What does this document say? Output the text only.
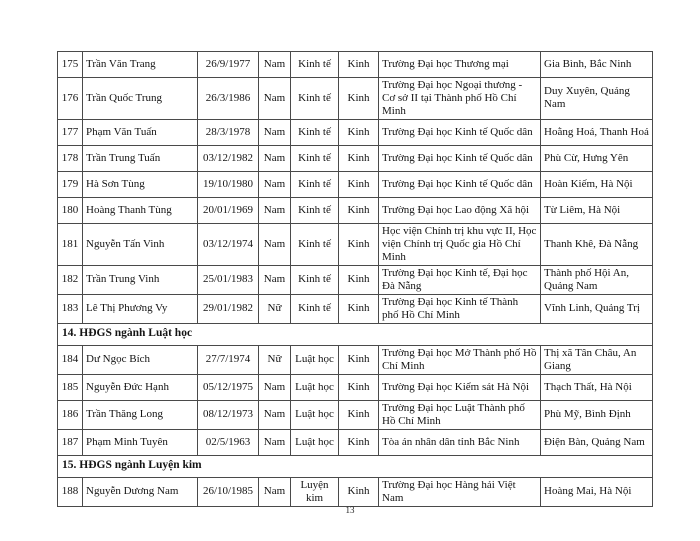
175	Trần Văn Trang	26/9/1977	Nam	Kinh tế	Kinh	Trường Đại học Thương mại	Gia Bình, Bắc Ninh
176	Trần Quốc Trung	26/3/1986	Nam	Kinh tế	Kinh	Trường Đại học Ngoại thương - Cơ sở II tại Thành phố Hồ Chí Minh	Duy Xuyên, Quảng Nam
177	Phạm Văn Tuấn	28/3/1978	Nam	Kinh tế	Kinh	Trường Đại học Kinh tế Quốc dân	Hoằng Hoá, Thanh Hoá
178	Trần Trung Tuấn	03/12/1982	Nam	Kinh tế	Kinh	Trường Đại học Kinh tế Quốc dân	Phù Cừ, Hưng Yên
179	Hà Sơn Tùng	19/10/1980	Nam	Kinh tế	Kinh	Trường Đại học Kinh tế Quốc dân	Hoàn Kiếm, Hà Nội
180	Hoàng Thanh Tùng	20/01/1969	Nam	Kinh tế	Kinh	Trường Đại học Lao động Xã hội	Từ Liêm, Hà Nội
181	Nguyễn Tấn Vinh	03/12/1974	Nam	Kinh tế	Kinh	Học viện Chính trị khu vực II, Học viện Chính trị Quốc gia Hồ Chí Minh	Thanh Khê, Đà Nẵng
182	Trần Trung Vinh	25/01/1983	Nam	Kinh tế	Kinh	Trường Đại học Kinh tế, Đại học Đà Nẵng	Thành phố Hội An, Quảng Nam
183	Lê Thị Phương Vy	29/01/1982	Nữ	Kinh tế	Kinh	Trường Đại học Kinh tế Thành phố Hồ Chí Minh	Vĩnh Linh, Quảng Trị
14. HĐGS ngành Luật học							
184	Dư Ngọc Bích	27/7/1974	Nữ	Luật học	Kinh	Trường Đại học Mở Thành phố Hồ Chí Minh	Thị xã Tân Châu, An Giang
185	Nguyễn Đức Hạnh	05/12/1975	Nam	Luật học	Kinh	Trường Đại học Kiểm sát Hà Nội	Thạch Thất, Hà Nội
186	Trần Thăng Long	08/12/1973	Nam	Luật học	Kinh	Trường Đại học Luật Thành phố Hồ Chí Minh	Phù Mỹ, Bình Định
187	Phạm Minh Tuyên	02/5/1963	Nam	Luật học	Kinh	Tòa án nhân dân tỉnh Bắc Ninh	Điện Bàn, Quảng Nam
15. HĐGS ngành Luyện kim							
188	Nguyễn Dương Nam	26/10/1985	Nam	Luyện kim	Kinh	Trường Đại học Hàng hải Việt Nam	Hoàng Mai, Hà Nội
13
